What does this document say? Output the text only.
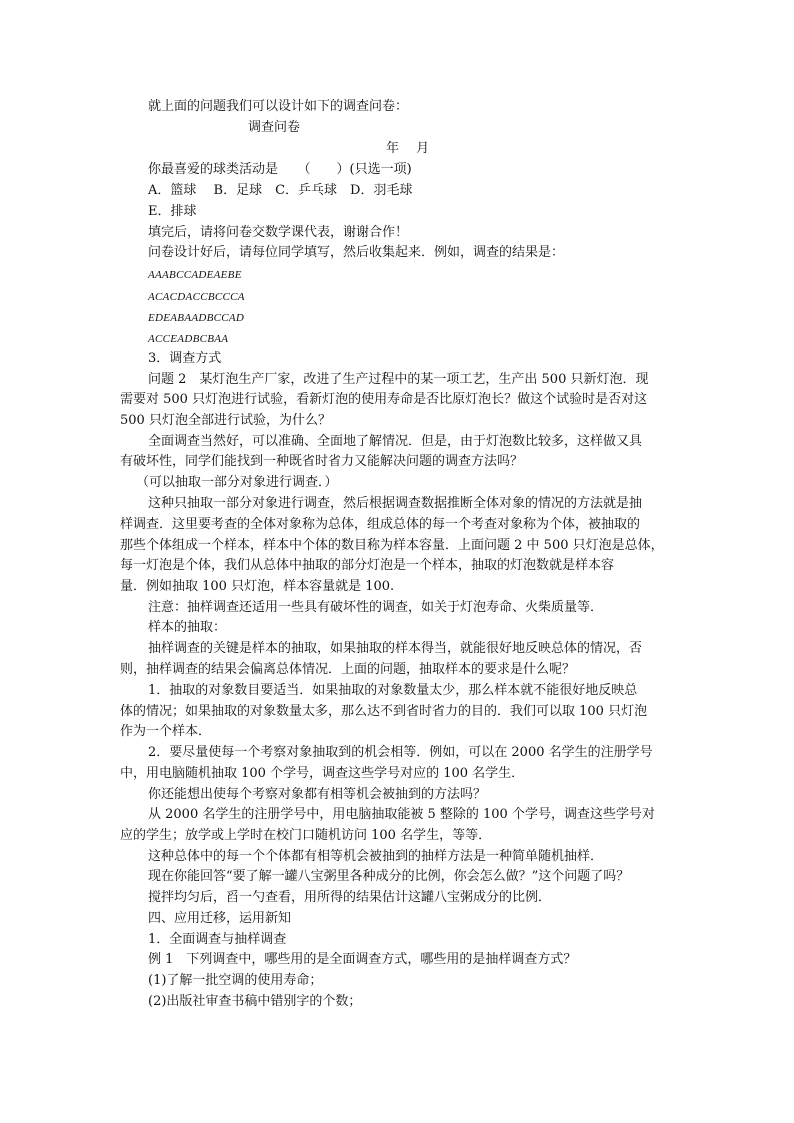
就上面的问题我们可以设计如下的调查问卷：
调查问卷
年　 月
你最喜爱的球类活动是　　（　　）(只选一项)
A．篮球　 B．足球　C．乒乓球　D．羽毛球
E．排球
填完后，请将问卷交数学课代表，谢谢合作！
问卷设计好后，请每位同学填写，然后收集起来．例如，调查的结果是：
AAABCCADEAEBE
ACACDACCBCCCA
EDEABAADBCCAD
ACCEADBCBAA
3．调查方式
问题 2　某灯泡生产厂家，改进了生产过程中的某一项工艺，生产出 500 只新灯泡．现
需要对 500 只灯泡进行试验，看新灯泡的使用寿命是否比原灯泡长？做这个试验时是否对这
500 只灯泡全部进行试验，为什么？
全面调查当然好，可以准确、全面地了解情况．但是，由于灯泡数比较多，这样做又具
有破坏性，同学们能找到一种既省时省力又能解决问题的调查方法吗？
（可以抽取一部分对象进行调查．）
这种只抽取一部分对象进行调查，然后根据调查数据推断全体对象的情况的方法就是抽
样调查．这里要考查的全体对象称为总体，组成总体的每一个考查对象称为个体，被抽取的
那些个体组成一个样本，样本中个体的数目称为样本容量．上面问题 2 中 500 只灯泡是总体，
每一灯泡是个体，我们从总体中抽取的部分灯泡是一个样本，抽取的灯泡数就是样本容
量．例如抽取 100 只灯泡，样本容量就是 100.
注意：抽样调查还适用一些具有破坏性的调查，如关于灯泡寿命、火柴质量等．
样本的抽取：
抽样调查的关键是样本的抽取，如果抽取的样本得当，就能很好地反映总体的情况，否
则，抽样调查的结果会偏离总体情况．上面的问题，抽取样本的要求是什么呢？
1．抽取的对象数目要适当．如果抽取的对象数量太少，那么样本就不能很好地反映总
体的情况；如果抽取的对象数量太多，那么达不到省时省力的目的．我们可以取 100 只灯泡
作为一个样本．
2．要尽量使每一个考察对象抽取到的机会相等．例如，可以在 2000 名学生的注册学号
中，用电脑随机抽取 100 个学号，调查这些学号对应的 100 名学生．
你还能想出使每个考察对象都有相等机会被抽到的方法吗？
从 2000 名学生的注册学号中，用电脑抽取能被 5 整除的 100 个学号，调查这些学号对
应的学生；放学或上学时在校门口随机访问 100 名学生，等等．
这种总体中的每一个个体都有相等机会被抽到的抽样方法是一种简单随机抽样．
现在你能回答“要了解一罐八宝粥里各种成分的比例，你会怎么做？”这个问题了吗？
搅拌均匀后，舀一勺查看，用所得的结果估计这罐八宝粥成分的比例．
四、应用迁移，运用新知
1．全面调查与抽样调查
例 1　下列调查中，哪些用的是全面调查方式，哪些用的是抽样调查方式？
(1)了解一批空调的使用寿命；
(2)出版社审查书稿中错别字的个数；
